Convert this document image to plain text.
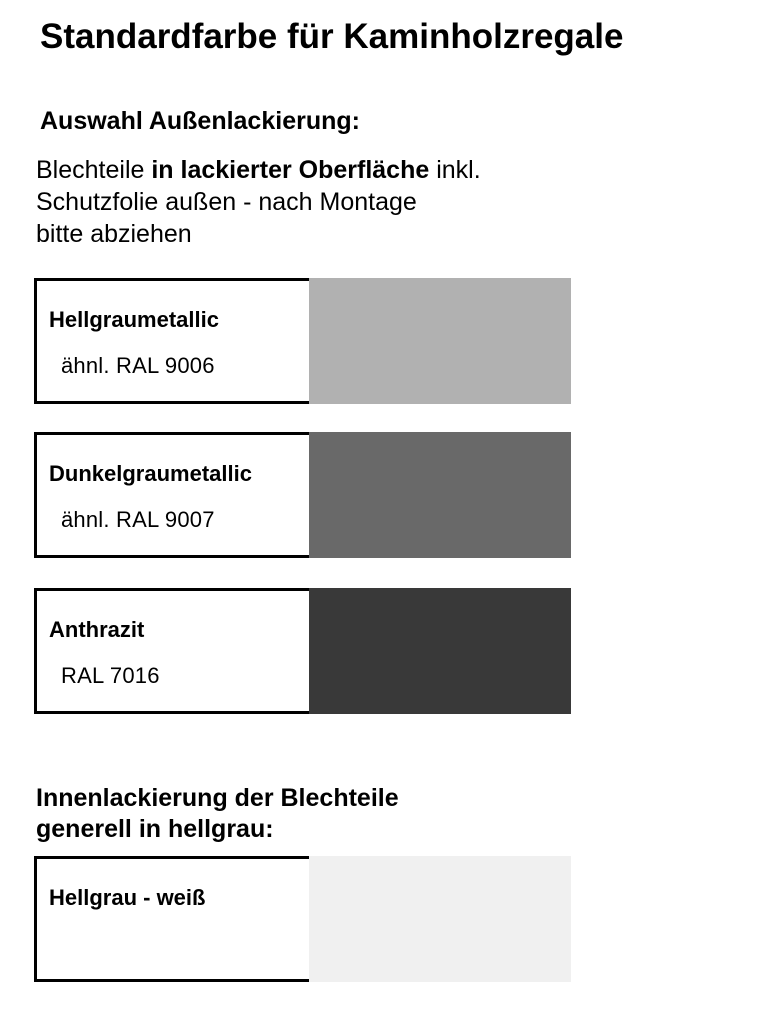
Standardfarbe für Kaminholzregale
Auswahl Außenlackierung:
Blechteile in lackierter Oberfläche inkl.
Schutzfolie außen - nach Montage
bitte abziehen
Hellgraumetallic
ähnl. RAL 9006
Dunkelgraumetallic
ähnl. RAL 9007
Anthrazit
RAL 7016
Innenlackierung der Blechteile
generell in hellgrau:
Hellgrau - weiß
